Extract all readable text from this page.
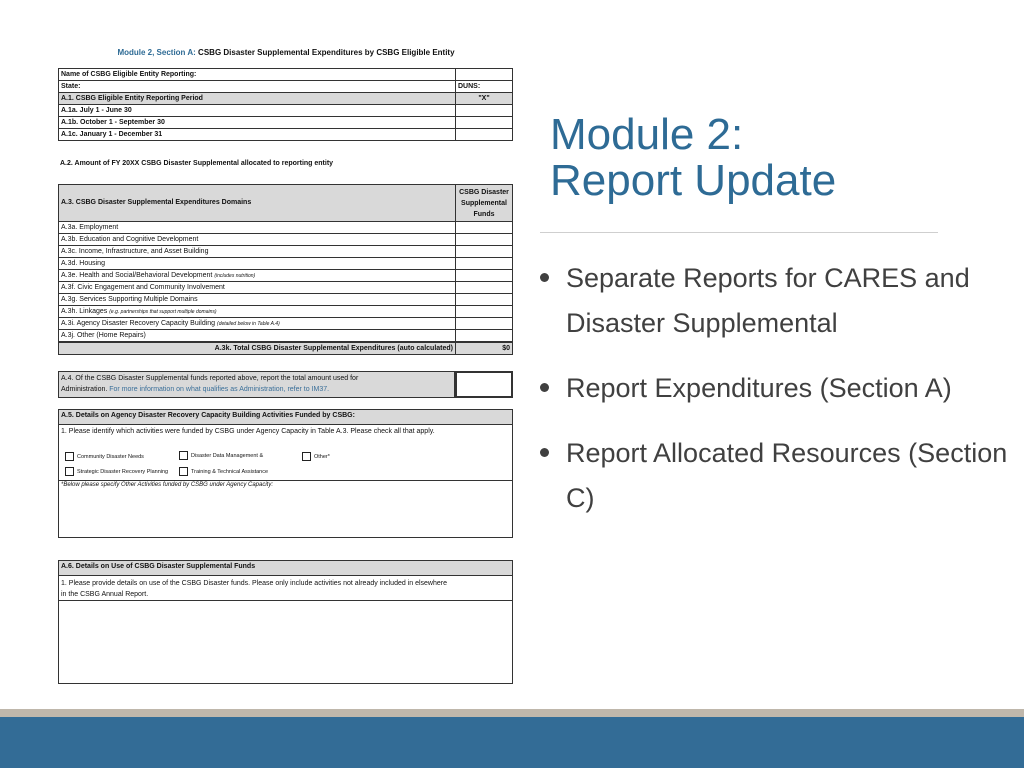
Module 2, Section A: CSBG Disaster Supplemental Expenditures by CSBG Eligible Entity
Name of CSBG Eligible Entity Reporting:	
State:	DUNS:
A.1. CSBG Eligible Entity Reporting Period	"X"
A.1a. July 1 - June 30	
A.1b. October 1 - September 30	
A.1c. January 1 - December 31	
A.2. Amount of FY 20XX CSBG Disaster Supplemental allocated to reporting entity
A.3. CSBG Disaster Supplemental Expenditures Domains	CSBG Disaster
Supplemental
Funds

A.3a. Employment	
A.3b. Education and Cognitive Development	
A.3c. Income, Infrastructure, and Asset Building	
A.3d. Housing	
A.3e. Health and Social/Behavioral Development (includes nutrition)	
A.3f. Civic Engagement and Community Involvement	
A.3g. Services Supporting Multiple Domains	
A.3h. Linkages (e.g. partnerships that support multiple domains)	
A.3i. Agency Disaster Recovery Capacity Building (detailed below in Table A.4)	
A.3j. Other (Home Repairs)	
A.3k. Total CSBG Disaster Supplemental Expenditures (auto calculated)	$0
A.4. Of the CSBG Disaster Supplemental funds reported above, report the total amount used for
Administration. For more information on what qualifies as Administration, refer to IM37.
A.5. Details on Agency Disaster Recovery Capacity Building Activities Funded by CSBG:
1. Please identify which activities were funded by CSBG under Agency Capacity in Table A.3. Please check all that apply.
Community Disaster Needs	Disaster Data Management &	Other*
Strategic Disaster Recovery Planning	Training & Technical Assistance
*Below please specify Other Activities funded by CSBG under Agency Capacity:
A.6. Details on Use of CSBG Disaster Supplemental Funds
1. Please provide details on use of the CSBG Disaster funds. Please only include activities not already included in elsewhere
in the CSBG Annual Report.
Module 2:
Report Update
Separate Reports for CARES and Disaster Supplemental
Report Expenditures (Section A)
Report Allocated Resources (Section C)
